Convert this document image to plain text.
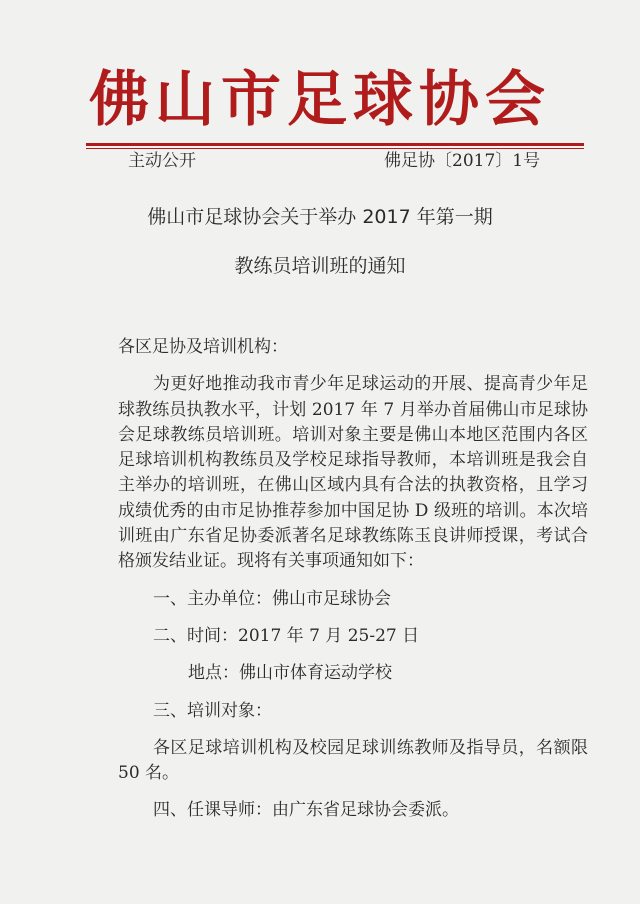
佛山市足球协会
主动公开	佛足协〔2017〕1号
佛山市足球协会关于举办 2017 年第一期
教练员培训班的通知

各区足协及培训机构：

为更好地推动我市青少年足球运动的开展、提高青少年足球教练员执教水平，计划 2017 年 7 月举办首届佛山市足球协会足球教练员培训班。培训对象主要是佛山本地区范围内各区足球培训机构教练员及学校足球指导教师，本培训班是我会自主举办的培训班，在佛山区域内具有合法的执教资格，且学习成绩优秀的由市足协推荐参加中国足协 D 级班的培训。本次培训班由广东省足协委派著名足球教练陈玉良讲师授课，考试合格颁发结业证。现将有关事项通知如下：

一、主办单位：佛山市足球协会

二、时间：2017 年 7 月 25-27 日

地点：佛山市体育运动学校

三、培训对象：

各区足球培训机构及校园足球训练教师及指导员，名额限 50 名。

四、任课导师：由广东省足球协会委派。
